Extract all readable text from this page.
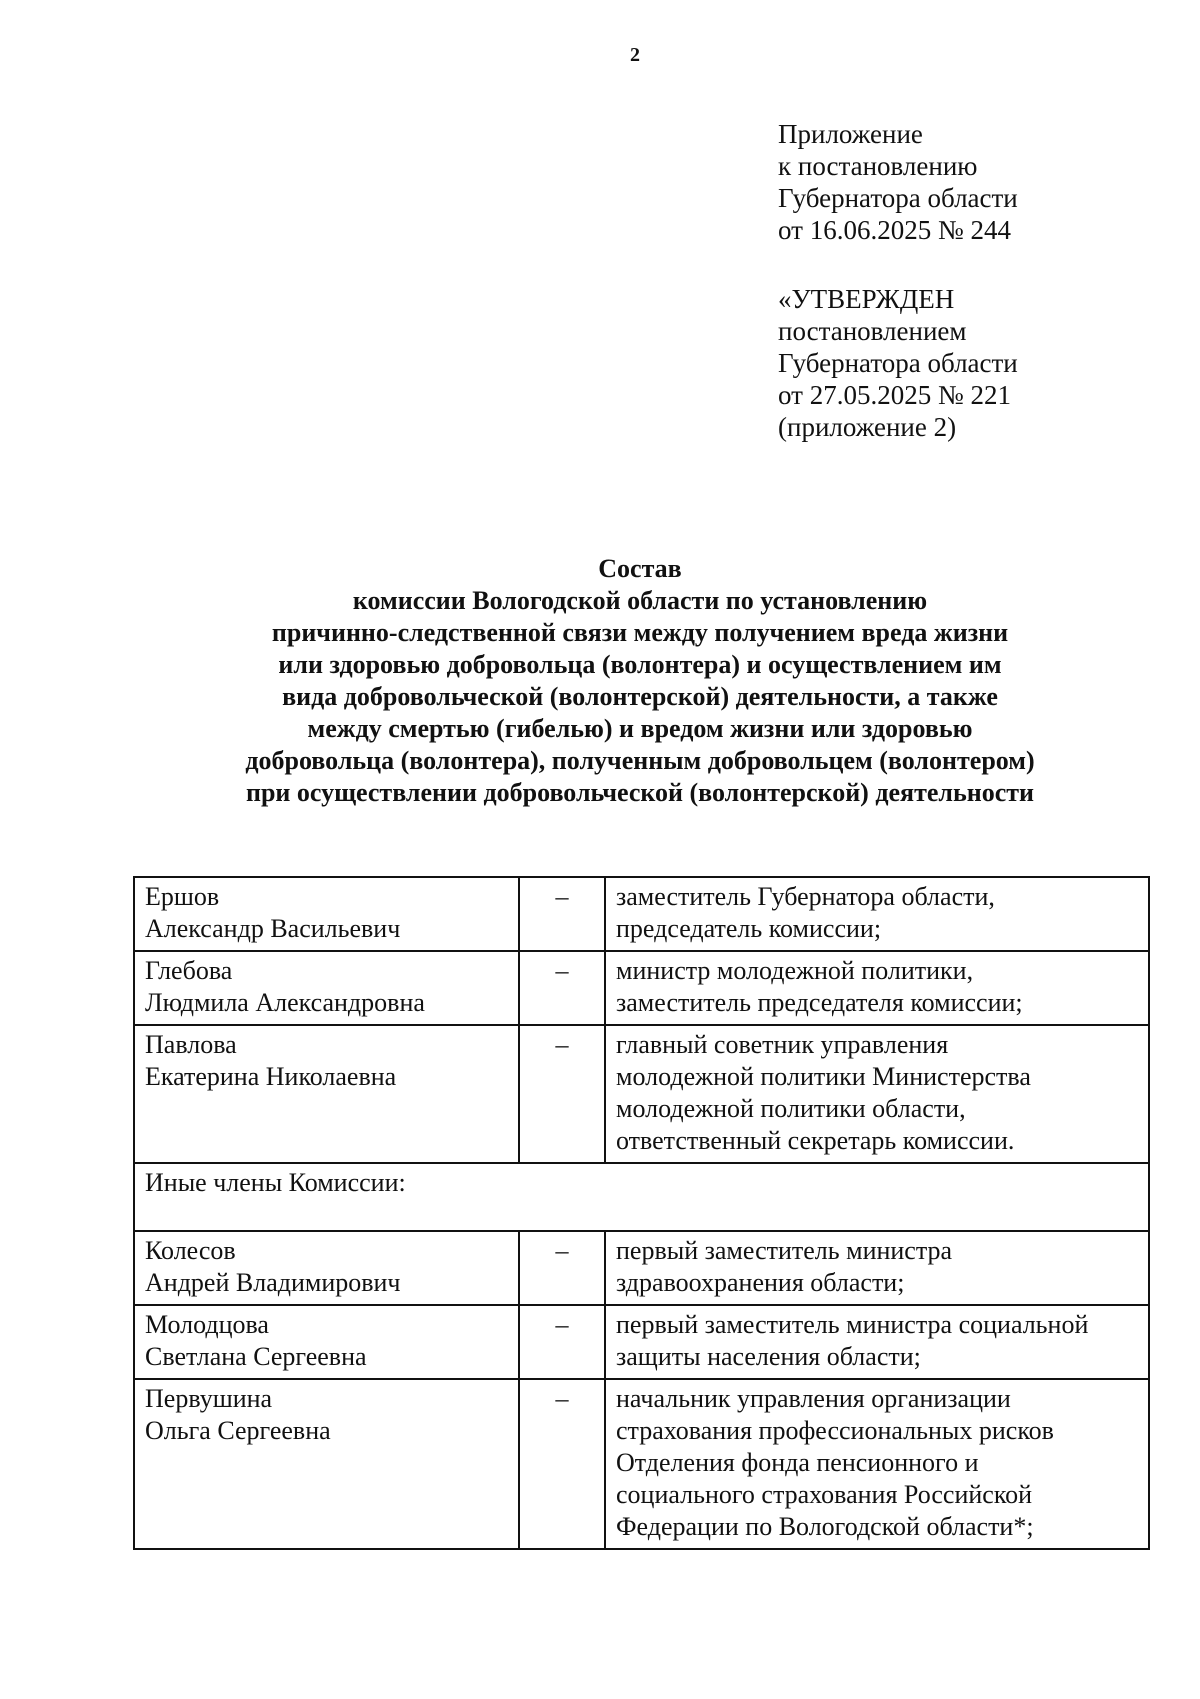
2
Приложение
к постановлению
Губернатора области
от 16.06.2025 № 244
«УТВЕРЖДЕН
постановлением
Губернатора области
от 27.05.2025 № 221
(приложение 2)
Состав
комиссии Вологодской области по установлению
причинно-следственной связи между получением вреда жизни
или здоровью добровольца (волонтера) и осуществлением им
вида добровольческой (волонтерской) деятельности, а также
между смертью (гибелью) и вредом жизни или здоровью
добровольца (волонтера), полученным добровольцем (волонтером)
при осуществлении добровольческой (волонтерской) деятельности
Ершов
Александр Васильевич	–	заместитель Губернатора области,
председатель комиссии;

Глебова
Людмила Александровна	–	министр молодежной политики,
заместитель председателя комиссии;

Павлова
Екатерина Николаевна	–	главный советник управления
молодежной политики Министерства
молодежной политики области,
ответственный секретарь комиссии.

Иные члены Комиссии:		

Колесов
Андрей Владимирович	–	первый заместитель министра
здравоохранения области;

Молодцова
Светлана Сергеевна	–	первый заместитель министра социальной
защиты населения области;

Первушина
Ольга Сергеевна	–	начальник управления организации
страхования профессиональных рисков
Отделения фонда пенсионного и
социального страхования Российской
Федерации по Вологодской области*;
